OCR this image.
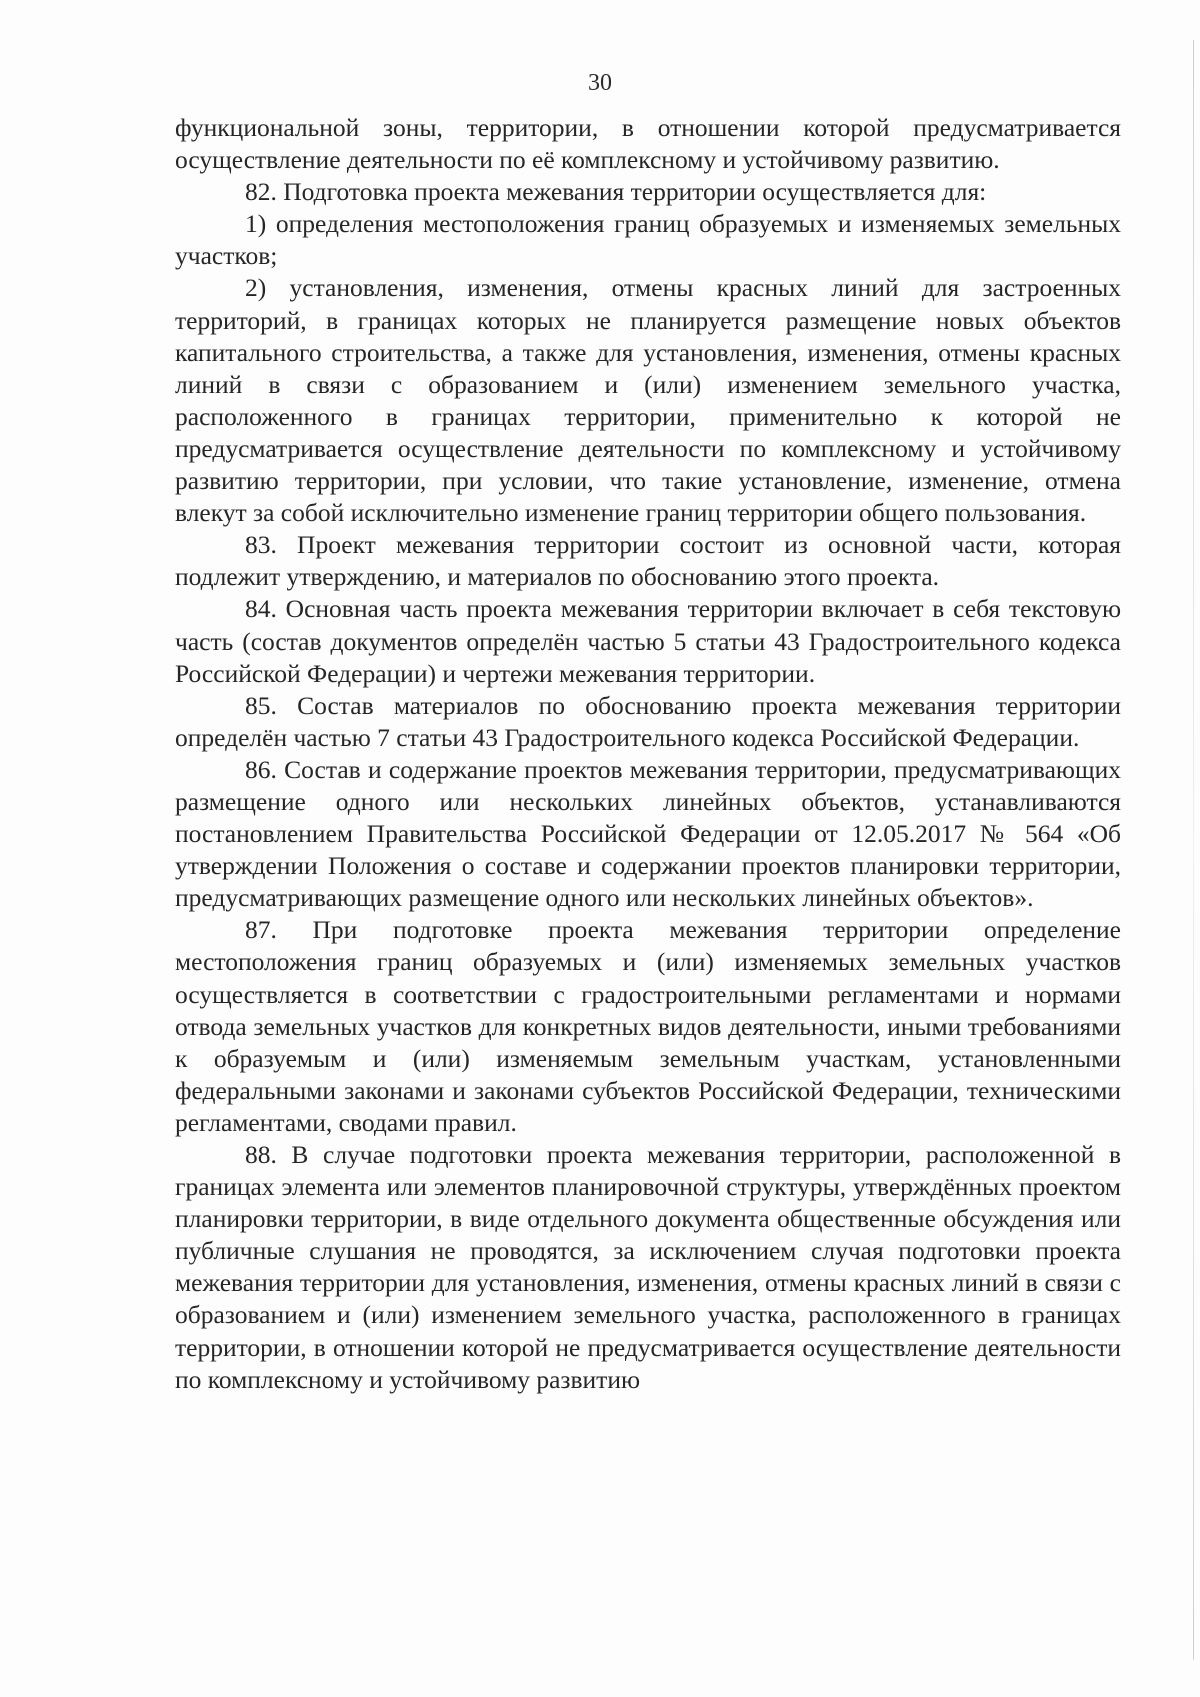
30

функциональной зоны, территории, в отношении которой предусматривается осуществление деятельности по её комплексному и устойчивому развитию.

82. Подготовка проекта межевания территории осуществляется для:

1) определения местоположения границ образуемых и изменяемых земельных участков;

2) установления, изменения, отмены красных линий для застроенных территорий, в границах которых не планируется размещение новых объектов капитального строительства, а также для установления, изменения, отмены красных линий в связи с образованием и (или) изменением земельного участка, расположенного в границах территории, применительно к которой не предусматривается осуществление деятельности по комплексному и устойчивому развитию территории, при условии, что такие установление, изменение, отмена влекут за собой исключительно изменение границ территории общего пользования.

83. Проект межевания территории состоит из основной части, которая подлежит утверждению, и материалов по обоснованию этого проекта.

84. Основная часть проекта межевания территории включает в себя текстовую часть (состав документов определён частью 5 статьи 43 Градостроительного кодекса Российской Федерации) и чертежи межевания территории.

85. Состав материалов по обоснованию проекта межевания территории определён частью 7 статьи 43 Градостроительного кодекса Российской Федерации.

86. Состав и содержание проектов межевания территории, предусматривающих размещение одного или нескольких линейных объектов, устанавливаются постановлением Правительства Российской Федерации от 12.05.2017 № 564 «Об утверждении Положения о составе и содержании проектов планировки территории, предусматривающих размещение одного или нескольких линейных объектов».

87. При подготовке проекта межевания территории определение местоположения границ образуемых и (или) изменяемых земельных участков осуществляется в соответствии с градостроительными регламентами и нормами отвода земельных участков для конкретных видов деятельности, иными требованиями к образуемым и (или) изменяемым земельным участкам, установленными федеральными законами и законами субъектов Российской Федерации, техническими регламентами, сводами правил.

88. В случае подготовки проекта межевания территории, расположенной в границах элемента или элементов планировочной структуры, утверждённых проектом планировки территории, в виде отдельного документа общественные обсуждения или публичные слушания не проводятся, за исключением случая подготовки проекта межевания территории для установления, изменения, отмены красных линий в связи с образованием и (или) изменением земельного участка, расположенного в границах территории, в отношении которой не предусматривается осуществление деятельности по комплексному и устойчивому развитию
